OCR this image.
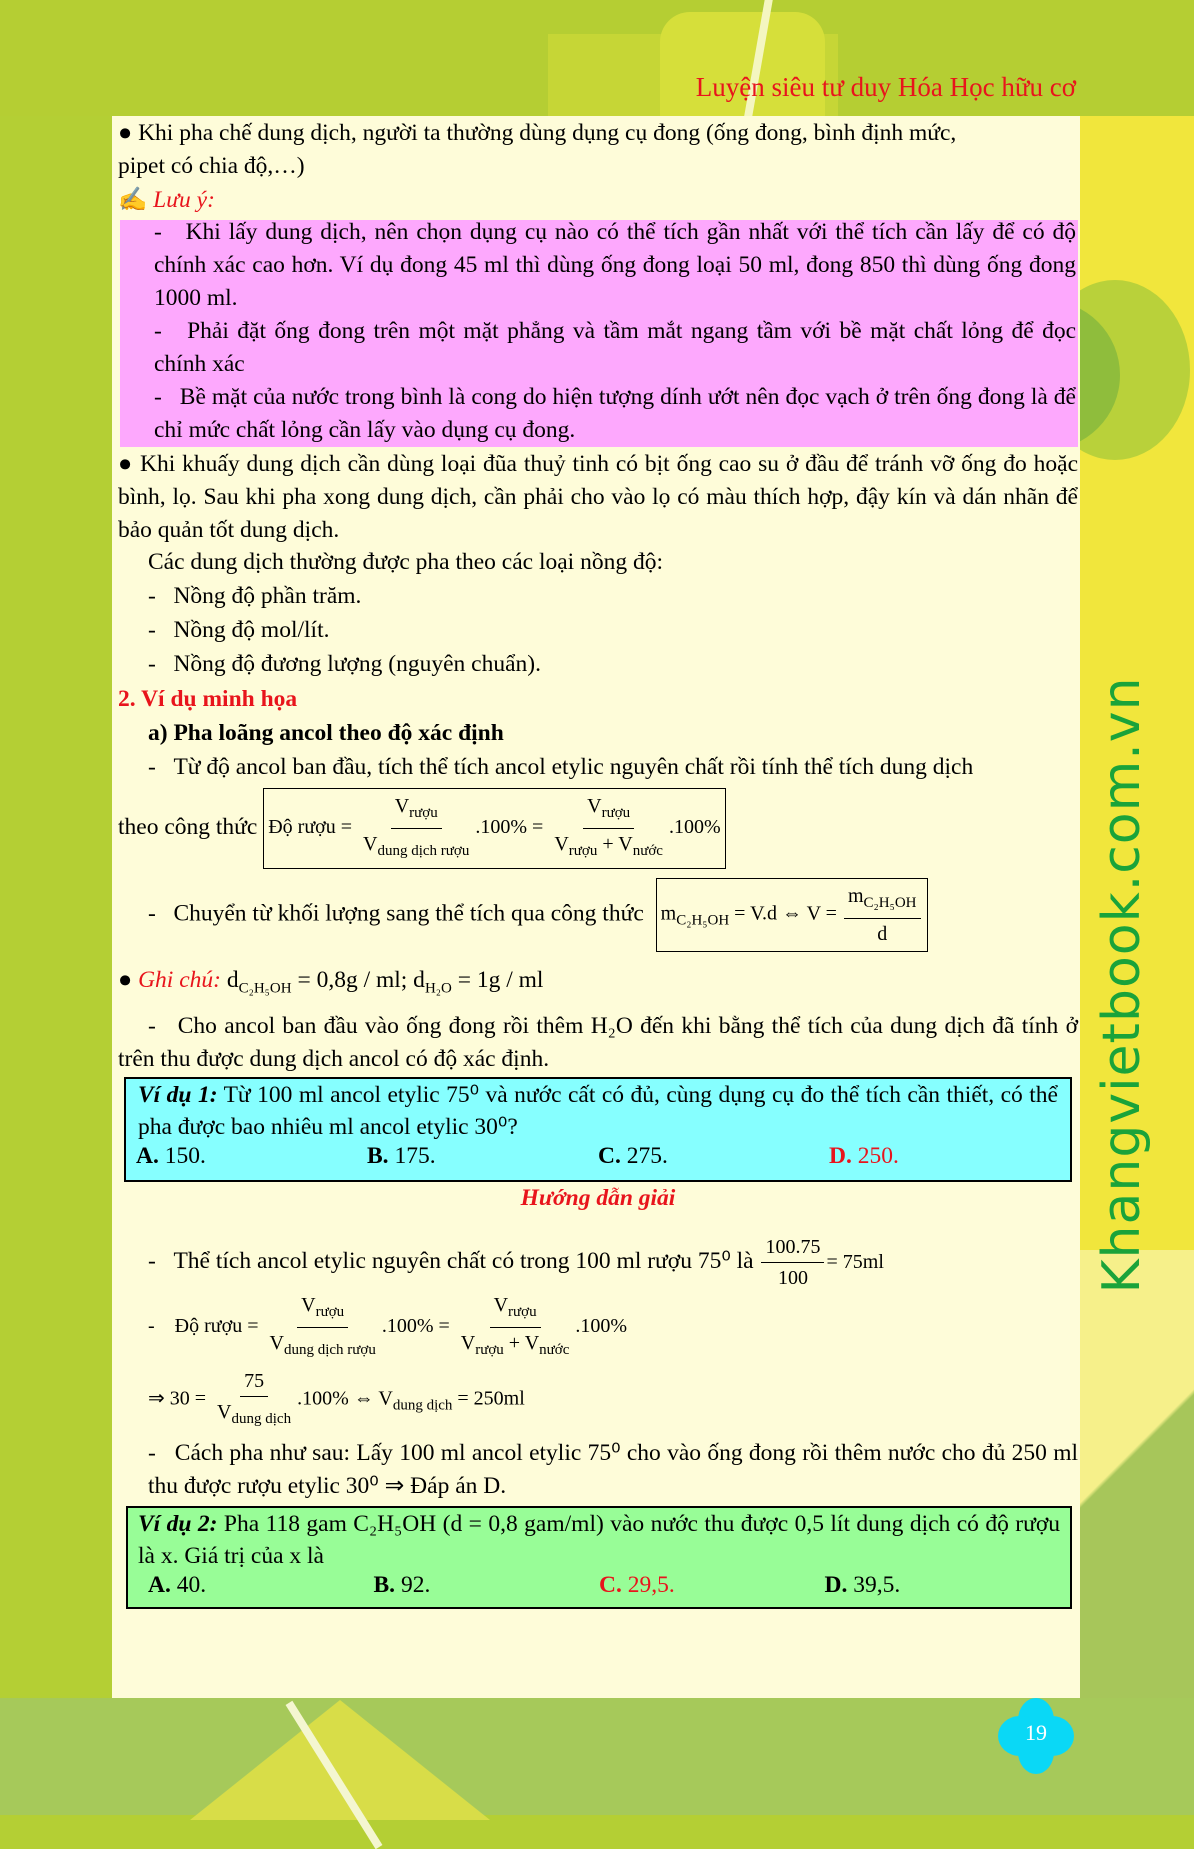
Luyện siêu tư duy Hóa Học hữu cơ
Khangvietbook.com.vn
● Khi pha chế dung dịch, người ta thường dùng dụng cụ đong (ống đong, bình định mức,
pipet có chia độ,…)
✍ Lưu ý:
-   Khi lấy dung dịch, nên chọn dụng cụ nào có thể tích gần nhất với thể tích cần lấy để có độ chính xác cao hơn. Ví dụ đong 45 ml thì dùng ống đong loại 50 ml, đong 850 thì dùng ống đong 1000 ml.
-   Phải đặt ống đong trên một mặt phẳng và tầm mắt ngang tầm với bề mặt chất lỏng để đọc chính xác
-   Bề mặt của nước trong bình là cong do hiện tượng dính ướt nên đọc vạch ở trên ống đong là để chỉ mức chất lỏng cần lấy vào dụng cụ đong.
● Khi khuấy dung dịch cần dùng loại đũa thuỷ tinh có bịt ống cao su ở đầu để tránh vỡ ống đo hoặc bình, lọ. Sau khi pha xong dung dịch, cần phải cho vào lọ có màu thích hợp, đậy kín và dán nhãn để bảo quản tốt dung dịch.
Các dung dịch thường được pha theo các loại nồng độ:
-   Nồng độ phần trăm.
-   Nồng độ mol/lít.
-   Nồng độ đương lượng (nguyên chuẩn).
2. Ví dụ minh họa
a) Pha loãng ancol theo độ xác định
-   Từ độ ancol ban đầu, tích thể tích ancol etylic nguyên chất rồi tính thể tích dung dịch
theo công thức Độ rượu = $\frac{V_{rượu}}{V_{dung dịch rượu}} .100\% = \frac{V_{rượu}}{V_{rượu} + V_{nước}} .100\%$
-   Chuyển từ khối lượng sang thể tích qua công thức $m_{C_2H_5OH} = V.d$ ⇔ $V = \frac{m_{C_2H_5OH}}{d}$
● Ghi chú: $d_{C_2H_5OH} = 0,8g$ / ml; $d_{H_2O} = 1g$ / ml
-   Cho ancol ban đầu vào ống đong rồi thêm H₂O đến khi bằng thể tích của dung dịch đã tính ở trên thu được dung dịch ancol có độ xác định.
Ví dụ 1: Từ 100 ml ancol etylic 75⁰ và nước cất có đủ, cùng dụng cụ đo thể tích cần thiết, có thể pha được bao nhiêu ml ancol etylic 30⁰?
A. 150.	B. 175.	C. 275.	D. 250.
Hướng dẫn giải
-   Thể tích ancol etylic nguyên chất có trong 100 ml rượu 75⁰ là $\frac{100.75}{100} = 75ml$
-    Độ rượu = $\frac{V_{rượu}}{V_{dung dịch rượu}} .100\% = \frac{V_{rượu}}{V_{rượu} + V_{nước}} .100\%$
⇒ $30 = \frac{75}{V_{dung dịch}} .100\%$ ⇔ $V_{dung dịch} = 250ml$
-   Cách pha như sau: Lấy 100 ml ancol etylic 75⁰ cho vào ống đong rồi thêm nước cho đủ 250 ml thu được rượu etylic 30⁰ ⇒ Đáp án D.
Ví dụ 2: Pha 118 gam C₂H₅OH (d = 0,8 gam/ml) vào nước thu được 0,5 lít dung dịch có độ rượu là x. Giá trị của x là
A. 40.	B. 92.	C. 29,5.	D. 39,5.
19
